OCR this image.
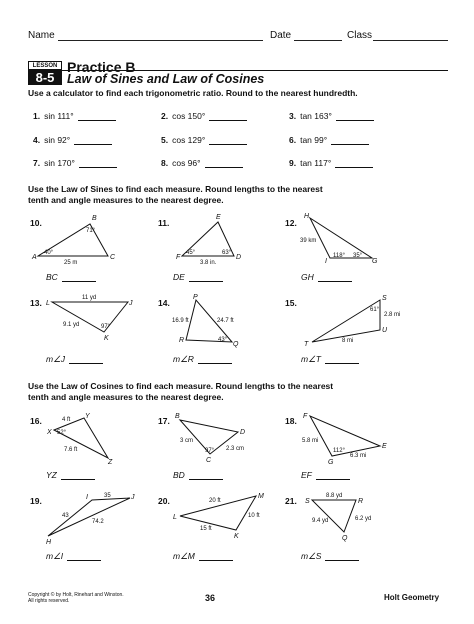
Name	Date	Class
LESSON
8-5
Practice B
Law of Sines and Law of Cosines
Use a calculator to find each trigonometric ratio. Round to the nearest hundredth.
1. sin 111°	2. cos 150°	3. tan 163°
4. sin 92°	5. cos 129°	6. tan 99°
7. sin 170°	8. cos 96°	9. tan 117°
Use the Law of Sines to find each measure. Round lengths to the nearest
tenth and angle measures to the nearest degree.
10.	B
A	C
71°
40°
25 m
11.
E
F	D
45°	63°
3.8 in.
12.
H
I	G
39 km
118° 35°
13. L	J
K
11 yd
9.1 yd	97°
14.
P
R
Q
16.9 ft	24.7 ft
43°
15.	S
U
T
61°
2.8 mi
8 mi
16.
X
Y
Z
4 ft
52°
7.6 ft
17. B
D
C
3 cm
2.3 cm
97°
18. F
G
E
5.8 mi
112°
6.3 mi
19.	I	J
H
35
43
74.2
20.	M
L
K
20 ft
10 ft
15 ft
21. S	R
Q
8.8 yd
6.2 yd
9.4 yd
BC	DE	GH
m∠J	m∠R	m∠T
Use the Law of Cosines to find each measure. Round lengths to the nearest
tenth and angle measures to the nearest degree.
YZ	BD	EF
m∠I	m∠M	m∠S
Copyright © by Holt, Rinehart and Winston.
All rights reserved.	36	Holt Geometry
